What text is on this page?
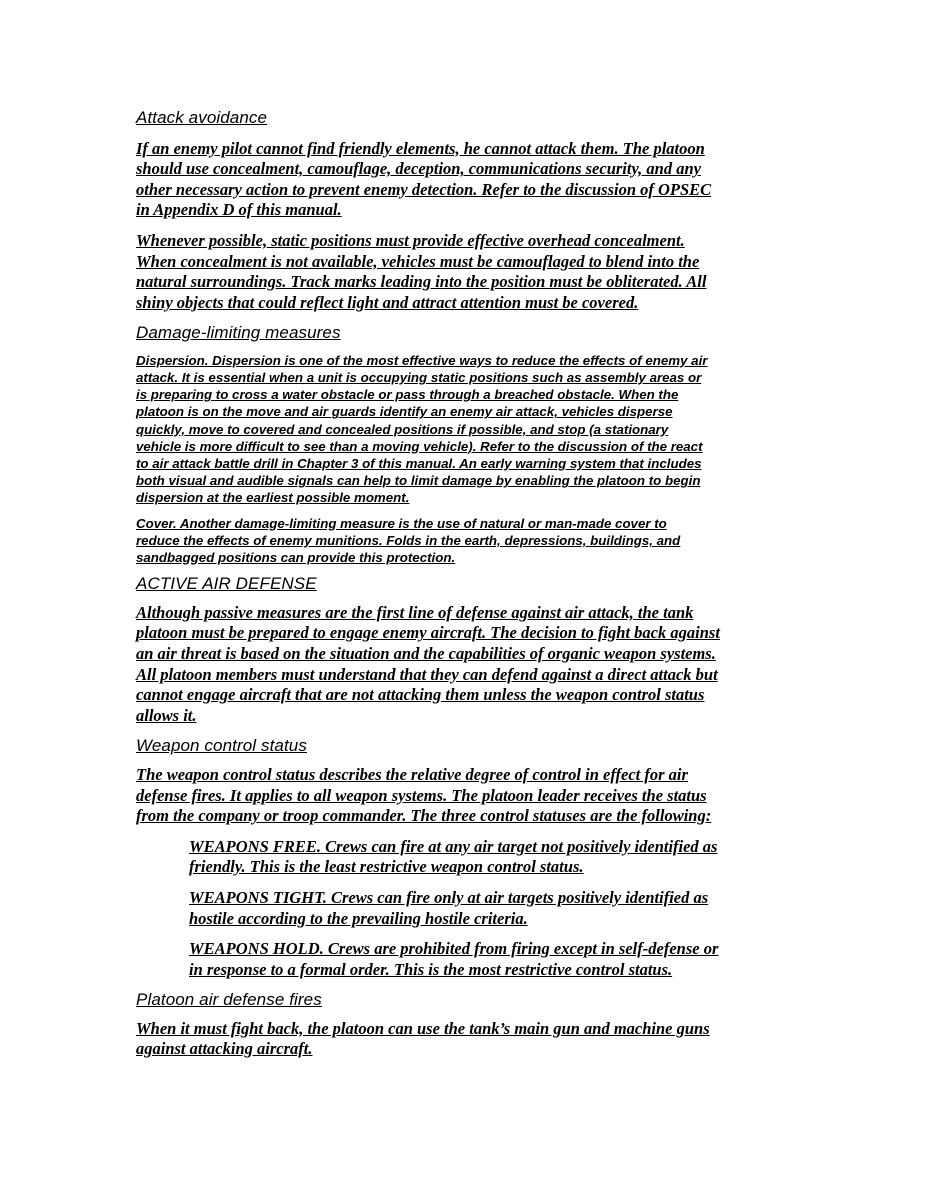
Attack avoidance

If an enemy pilot cannot find friendly elements, he cannot attack them. The platoon
should use concealment, camouflage, deception, communications security, and any
other necessary action to prevent enemy detection. Refer to the discussion of OPSEC
in Appendix D of this manual.

Whenever possible, static positions must provide effective overhead concealment.
When concealment is not available, vehicles must be camouflaged to blend into the
natural surroundings. Track marks leading into the position must be obliterated. All
shiny objects that could reflect light and attract attention must be covered.

Damage-limiting measures

Dispersion. Dispersion is one of the most effective ways to reduce the effects of enemy air
attack. It is essential when a unit is occupying static positions such as assembly areas or
is preparing to cross a water obstacle or pass through a breached obstacle. When the
platoon is on the move and air guards identify an enemy air attack, vehicles disperse
quickly, move to covered and concealed positions if possible, and stop (a stationary
vehicle is more difficult to see than a moving vehicle). Refer to the discussion of the react
to air attack battle drill in Chapter 3 of this manual. An early warning system that includes
both visual and audible signals can help to limit damage by enabling the platoon to begin
dispersion at the earliest possible moment.

Cover. Another damage-limiting measure is the use of natural or man-made cover to
reduce the effects of enemy munitions. Folds in the earth, depressions, buildings, and
sandbagged positions can provide this protection.

ACTIVE AIR DEFENSE

Although passive measures are the first line of defense against air attack, the tank
platoon must be prepared to engage enemy aircraft. The decision to fight back against
an air threat is based on the situation and the capabilities of organic weapon systems.
All platoon members must understand that they can defend against a direct attack but
cannot engage aircraft that are not attacking them unless the weapon control status
allows it.

Weapon control status

The weapon control status describes the relative degree of control in effect for air
defense fires. It applies to all weapon systems. The platoon leader receives the status
from the company or troop commander. The three control statuses are the following:

WEAPONS FREE. Crews can fire at any air target not positively identified as
friendly. This is the least restrictive weapon control status.

WEAPONS TIGHT. Crews can fire only at air targets positively identified as
hostile according to the prevailing hostile criteria.

WEAPONS HOLD. Crews are prohibited from firing except in self-defense or
in response to a formal order. This is the most restrictive control status.

Platoon air defense fires

When it must fight back, the platoon can use the tank’s main gun and machine guns
against attacking aircraft.
